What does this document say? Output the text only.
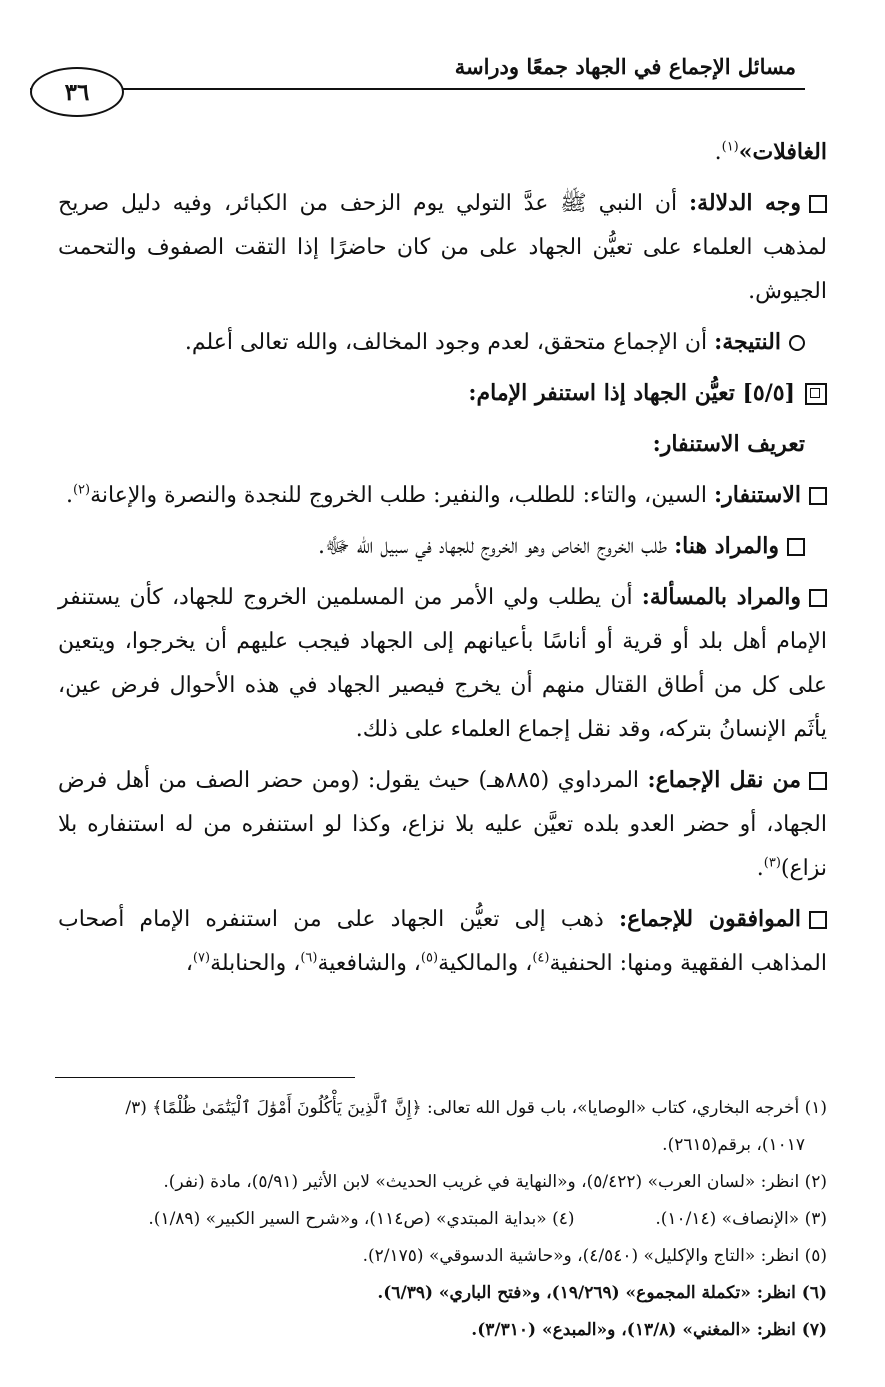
مسائل الإجماع في الجهاد جمعًا ودراسة
٣٦

الغافلات»$^{(١)}$.

وجه الدلالة: أن النبي ﷺ عدَّ التولي يوم الزحف من الكبائر، وفيه دليل صريح لمذهب العلماء على تعيُّن الجهاد على من كان حاضرًا إذا التقت الصفوف والتحمت الجيوش.

النتيجة: أن الإجماع متحقق، لعدم وجود المخالف، والله تعالى أعلم.

[٥/٥] تعيُّن الجهاد إذا استنفر الإمام:

تعريف الاستنفار:

الاستنفار: السين، والتاء: للطلب، والنفير: طلب الخروج للنجدة والنصرة والإعانة$^{(٢)}$.

والمراد هنا: طلب الخروج الخاص وهو الخروج للجهاد في سبيل الله ﷻ.

والمراد بالمسألة: أن يطلب ولي الأمر من المسلمين الخروج للجهاد، كأن يستنفر الإمام أهل بلد أو قرية أو أناسًا بأعيانهم إلى الجهاد فيجب عليهم أن يخرجوا، ويتعين على كل من أطاق القتال منهم أن يخرج فيصير الجهاد في هذه الأحوال فرض عين، يأثَم الإنسانُ بتركه، وقد نقل إجماع العلماء على ذلك.

من نقل الإجماع: المرداوي (٨٨٥هـ) حيث يقول: (ومن حضر الصف من أهل فرض الجهاد، أو حضر العدو بلده تعيَّن عليه بلا نزاع، وكذا لو استنفره من له استنفاره بلا نزاع)$^{(٣)}$.

الموافقون للإجماع: ذهب إلى تعيُّن الجهاد على من استنفره الإمام أصحاب المذاهب الفقهية ومنها: الحنفية$^{(٤)}$، والمالكية$^{(٥)}$، والشافعية$^{(٦)}$، والحنابلة$^{(٧)}$،

(١) أخرجه البخاري، كتاب «الوصايا»، باب قول الله تعالى: ﴿إِنَّ ٱلَّذِينَ يَأْكُلُونَ أَمْوَٰلَ ٱلْيَتَٰمَىٰ ظُلْمًا﴾ (٣/

١٠١٧)، برقم(٢٦١٥).

(٢) انظر: «لسان العرب» (٥/٤٢٢)، و«النهاية في غريب الحديث» لابن الأثير (٥/٩١)، مادة (نفر).

(٣) «الإنصاف» (١٠/١٤).  (٤) «بداية المبتدي» (ص١١٤)، و«شرح السير الكبير» (١/٨٩).

(٥) انظر: «التاج والإكليل» (٤/٥٤٠)، و«حاشية الدسوقي» (٢/١٧٥).

(٦) انظر: «تكملة المجموع» (١٩/٢٦٩)، و«فتح الباري» (٦/٣٩).

(٧) انظر: «المغني» (١٣/٨)، و«المبدع» (٣/٣١٠).
